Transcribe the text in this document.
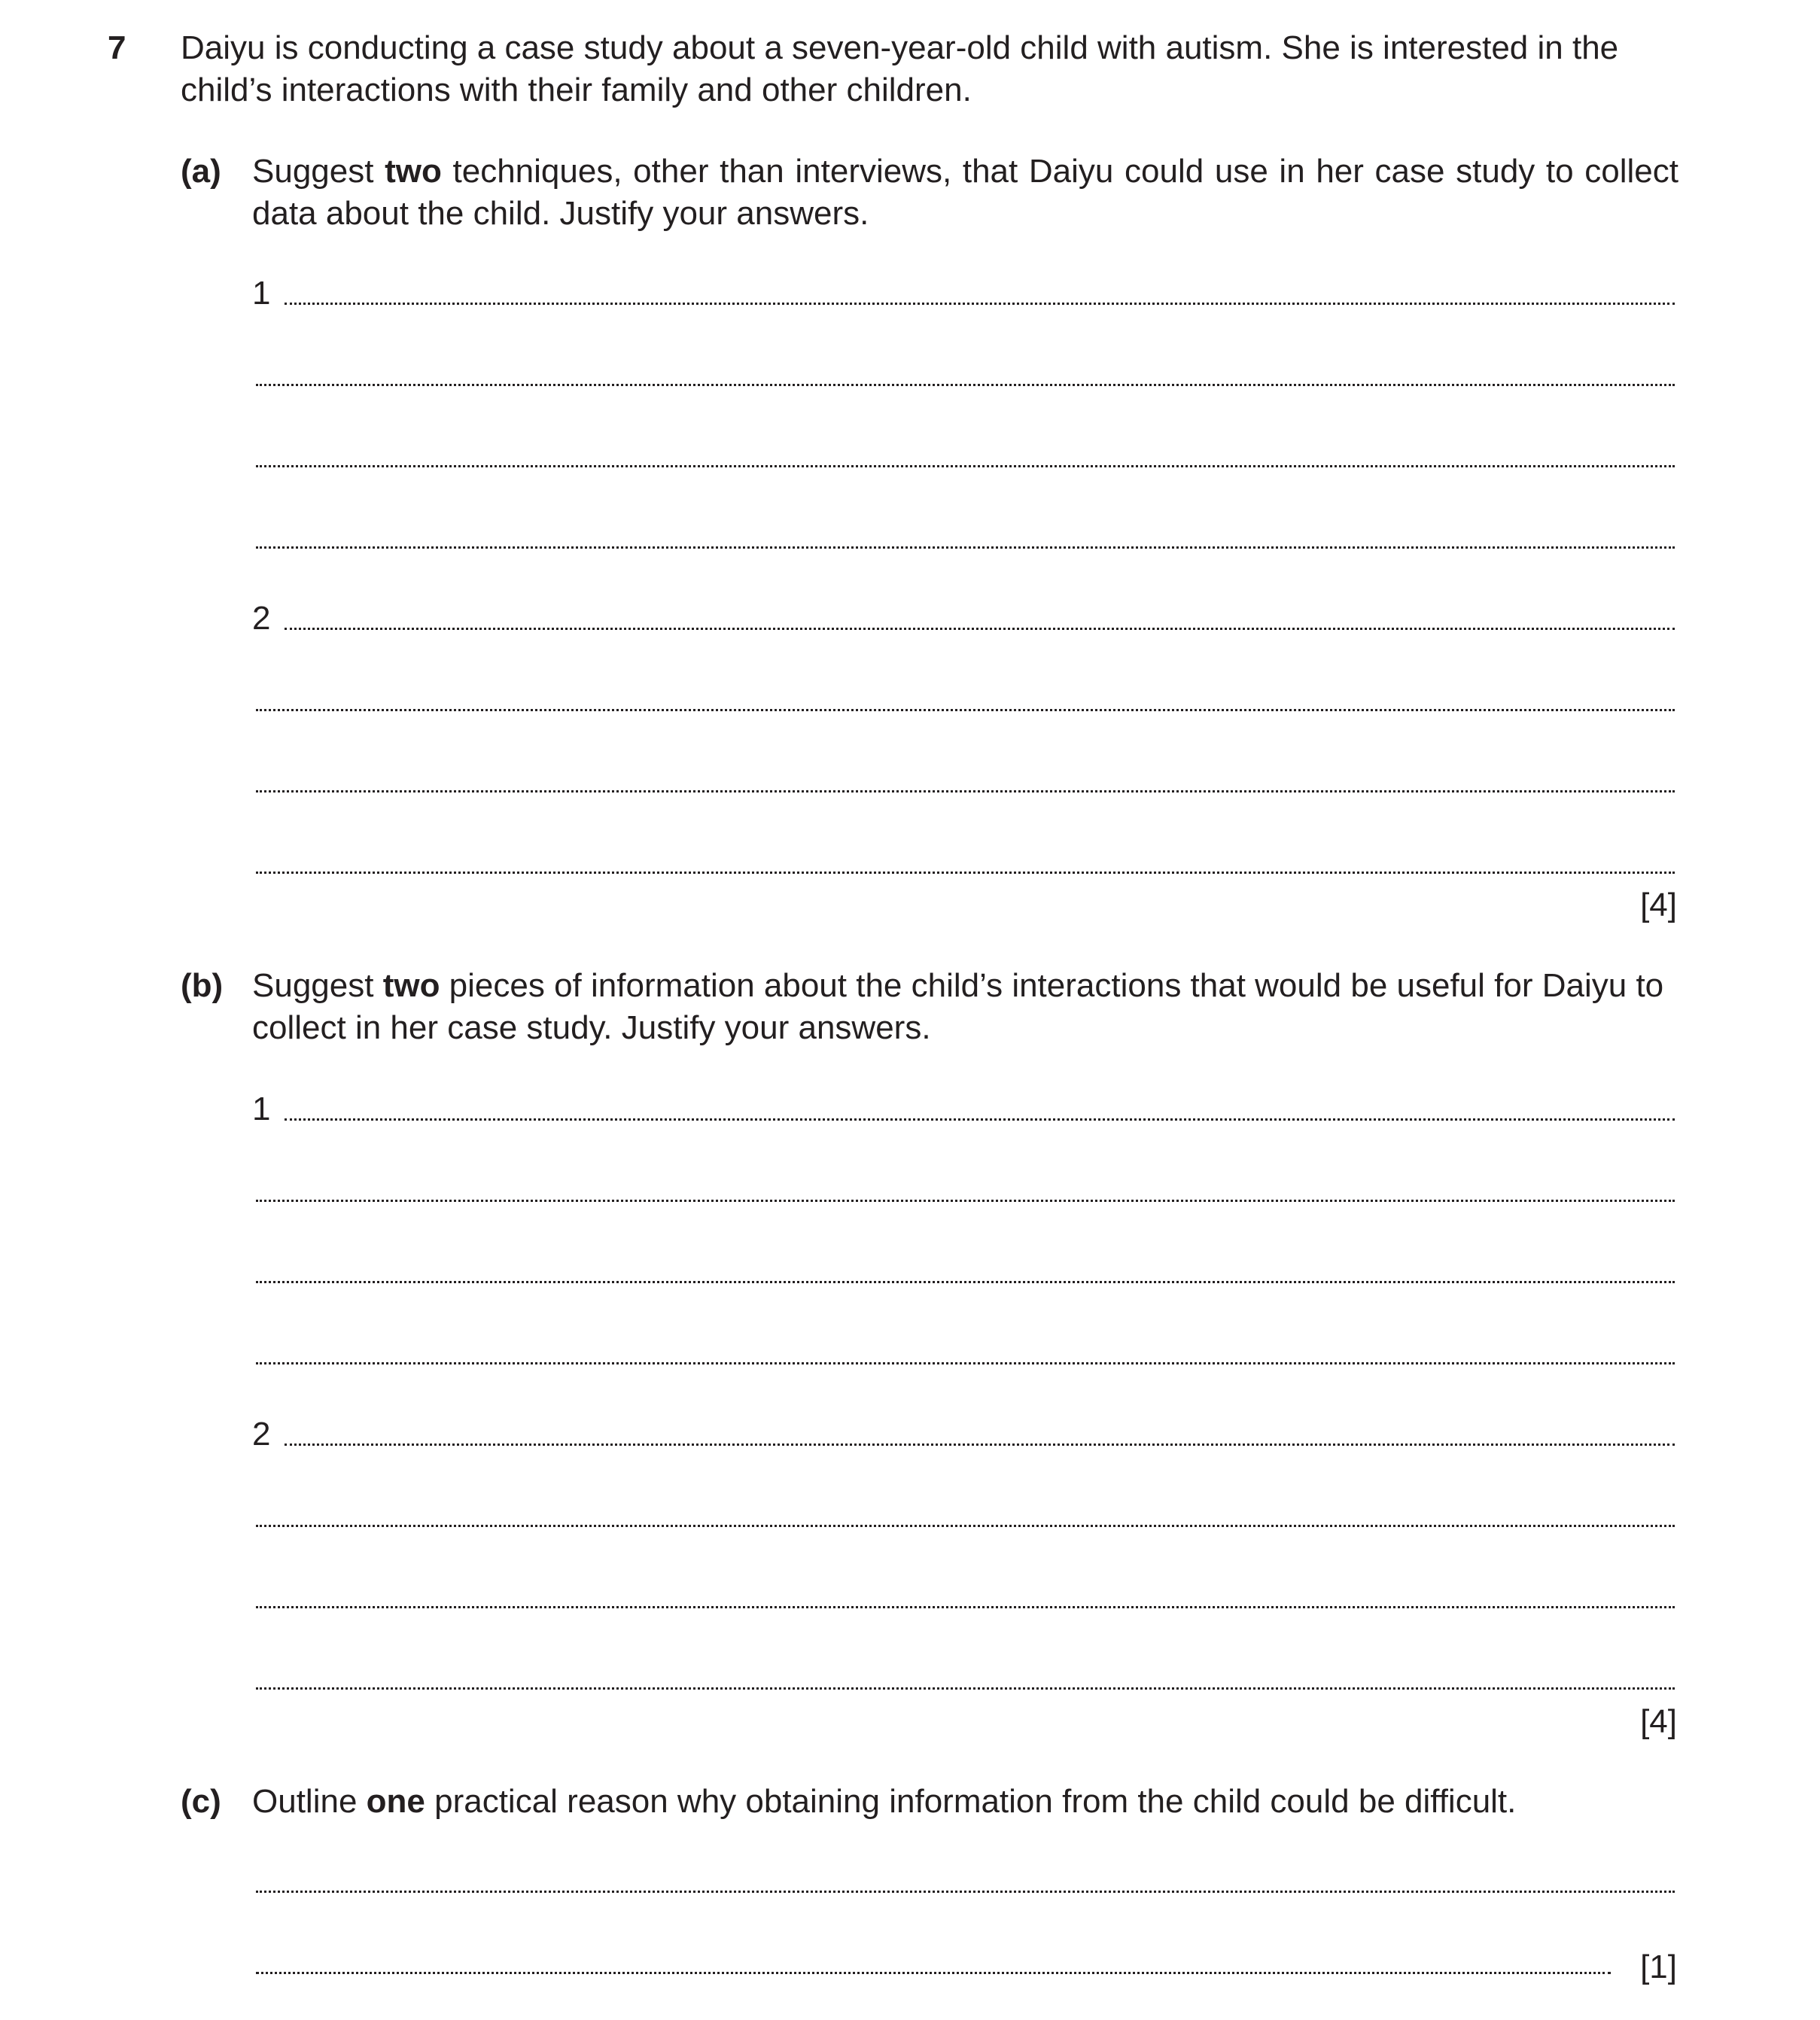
7 Daiyu is conducting a case study about a seven-year-old child with autism. She is interested in the child’s interactions with their family and other children.
(a) Suggest two techniques, other than interviews, that Daiyu could use in her case study to collect data about the child. Justify your answers.
1
2
[4]
(b) Suggest two pieces of information about the child’s interactions that would be useful for Daiyu to collect in her case study. Justify your answers.
1
2
[4]
(c) Outline one practical reason why obtaining information from the child could be difficult.
[1]
